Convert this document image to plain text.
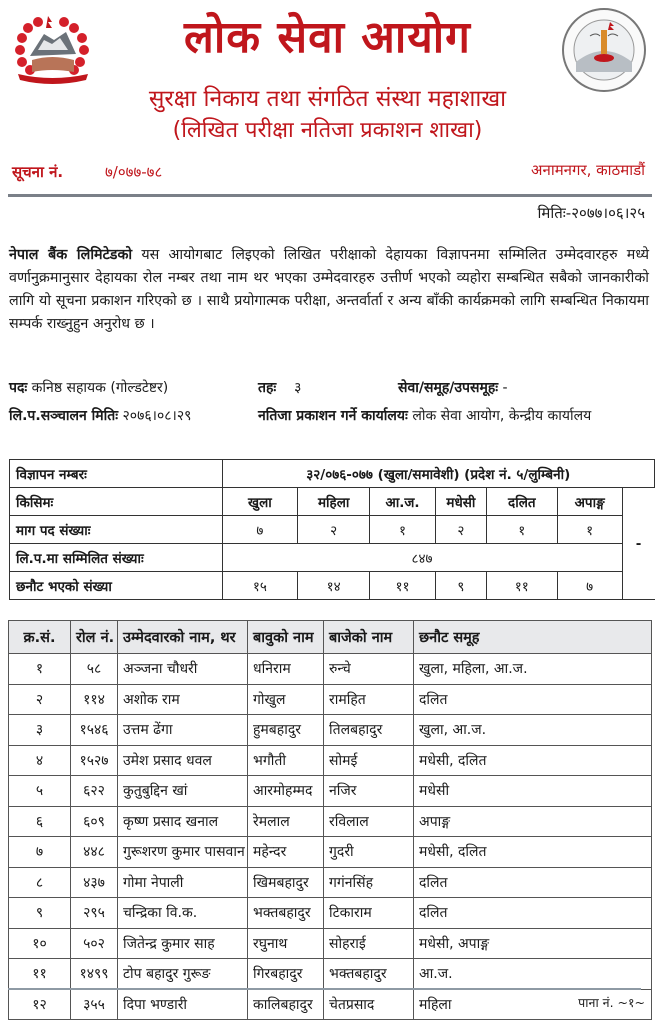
लोक सेवा आयोग
सुरक्षा निकाय तथा संगठित संस्था महाशाखा
(लिखित परीक्षा नतिजा प्रकाशन शाखा)
सूचना नं.	७/०७७-७८	अनामनगर, काठमाडौं
मितिः-२०७७।०६।२५
नेपाल बैंक लिमिटेडको यस आयोगबाट लिइएको लिखित परीक्षाको देहायका विज्ञापनमा सम्मिलित उम्मेदवारहरु मध्ये वर्णानुक्रमानुसार देहायका रोल नम्बर तथा नाम थर भएका उम्मेदवारहरु उत्तीर्ण भएको व्यहोरा सम्बन्धित सबैको जानकारीको लागि यो सूचना प्रकाशन गरिएको छ । साथै प्रयोगात्मक परीक्षा, अन्तर्वार्ता र अन्य बाँकी कार्यक्रमको लागि सम्बन्धित निकायमा सम्पर्क राख्नुहुन अनुरोध छ ।
पदः कनिष्ठ सहायक (गोल्डटेष्टर)	तहः ३	सेवा/समूह/उपसमूहः -
लि.प.सञ्चालन मितिः २०७६।०८।२९	नतिजा प्रकाशन गर्ने कार्यालयः लोक सेवा आयोग, केन्द्रीय कार्यालय
विज्ञापन नम्बरः	३२/०७६-०७७ (खुला/समावेशी) (प्रदेश नं. ५/लुम्बिनी)						
किसिमः	खुला	महिला	आ.ज.	मधेसी	दलित	अपाङ्ग	-
माग पद संख्याः	७	२	१	२	१	१	
लि.प.मा सम्मिलित संख्याः	८४७						
छनौट भएको संख्या	१५	१४	११	९	११	७	
क्र.सं.	रोल नं.	उम्मेदवारको नाम, थर	बावुको नाम	बाजेको नाम	छनौट समूह
१	५८	अञ्जना चौधरी	धनिराम	रुन्चे	खुला, महिला, आ.ज.
२	११४	अशोक राम	गोखुल	रामहित	दलित
३	१५४६	उत्तम ढेंगा	हुमबहादुर	तिलबहादुर	खुला, आ.ज.
४	१५२७	उमेश प्रसाद धवल	भगौती	सोमई	मधेसी, दलित
५	६२२	कुतुबुद्दिन खां	आरमोहम्मद	नजिर	मधेसी
६	६०९	कृष्ण प्रसाद खनाल	रेमलाल	रविलाल	अपाङ्ग
७	४४८	गुरूशरण कुमार पासवान	महेन्दर	गुदरी	मधेसी, दलित
८	४३७	गोमा नेपाली	खिमबहादुर	गगंनसिंह	दलित
९	२९५	चन्द्रिका वि.क.	भक्तबहादुर	टिकाराम	दलित
१०	५०२	जितेन्द्र कुमार साह	रघुनाथ	सोहराई	मधेसी, अपाङ्ग
११	१४९९	टोप बहादुर गुरूङ	गिरबहादुर	भक्तबहादुर	आ.ज.
१२	३५५	दिपा भण्डारी	कालिबहादुर	चेतप्रसाद	महिला	पाना नं. ~१~
